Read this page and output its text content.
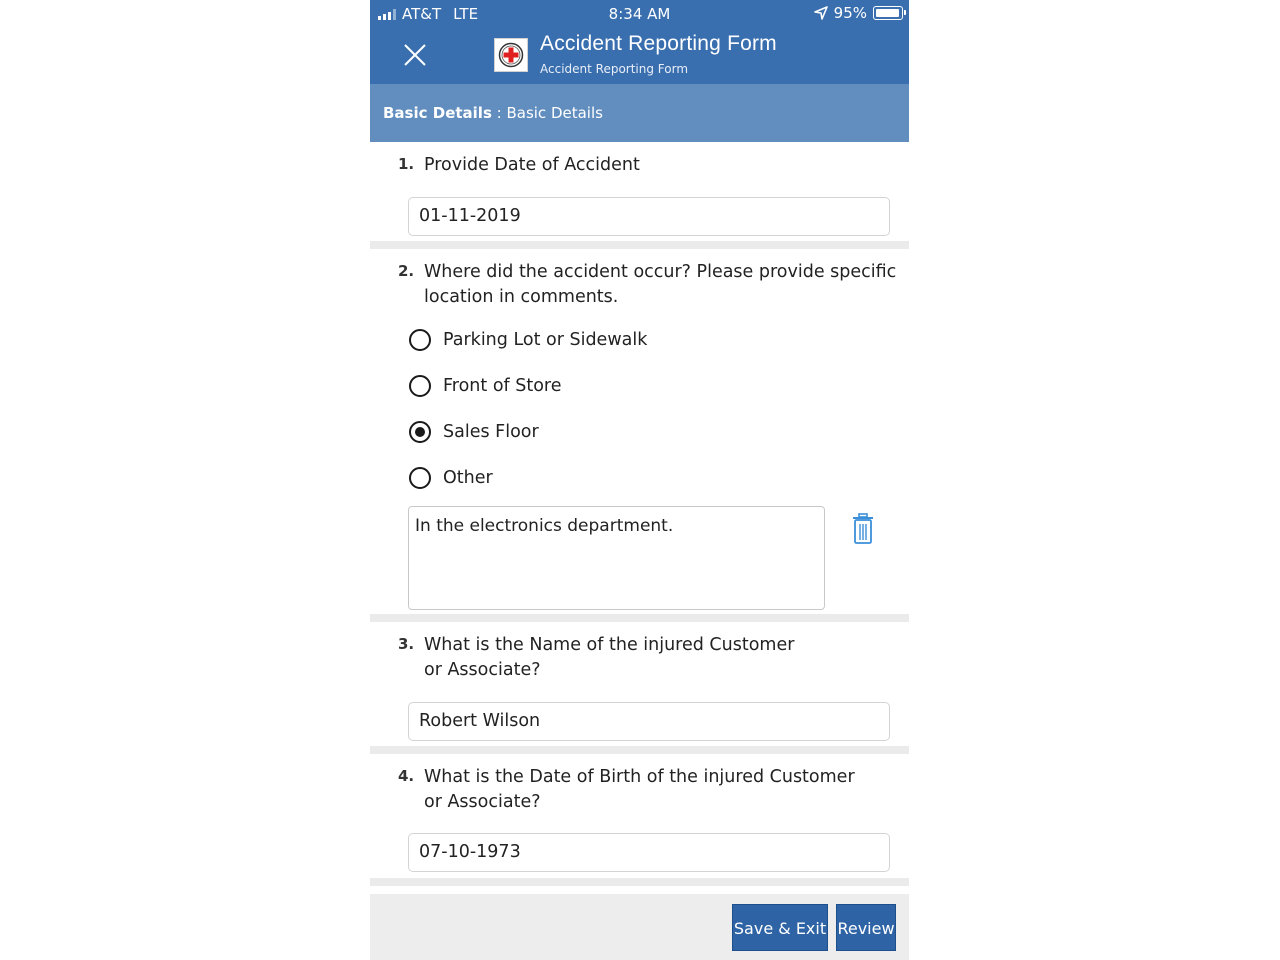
AT&T LTE	8:34 AM	95%
Accident Reporting Form
Accident Reporting Form
Basic Details : Basic Details
1. Provide Date of Accident
01-11-2019
2. Where did the accident occur? Please provide specific
location in comments.
Parking Lot or Sidewalk
Front of Store
Sales Floor
Other
In the electronics department.
3. What is the Name of the injured Customer
or Associate?
Robert Wilson
4. What is the Date of Birth of the injured Customer
or Associate?
07-10-1973
Save & Exit Review
